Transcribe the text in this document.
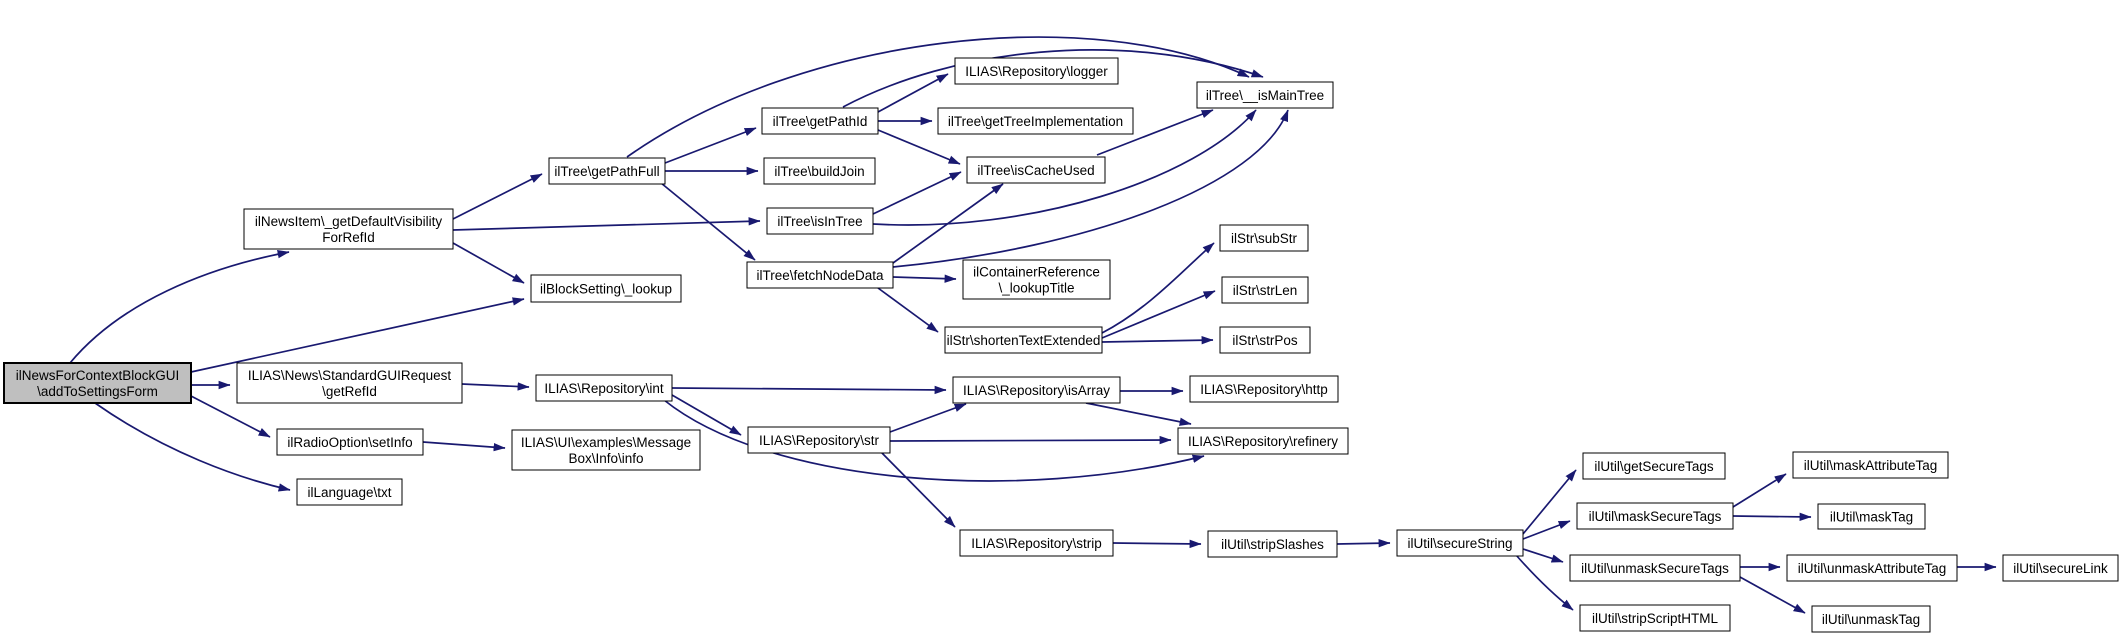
ilNewsForContextBlockGUI
\addToSettingsForm
ilNewsItem\_getDefaultVisibility
ForRefId
ilBlockSetting\_lookup
ILIAS\News\StandardGUIRequest
\getRefId
ilRadioOption\setInfo
ilLanguage\txt
ilTree\getPathFull
ilTree\getPathId
ilTree\buildJoin
ilTree\isInTree
ilTree\fetchNodeData
ILIAS\Repository\logger
ilTree\getTreeImplementation
ilTree\isCacheUsed
ilTree\__isMainTree
ilContainerReference
\_lookupTitle
ilStr\shortenTextExtended
ilStr\subStr
ilStr\strLen
ilStr\strPos
ILIAS\Repository\int
ILIAS\UI\examples\Message
Box\Info\info
ILIAS\Repository\str
ILIAS\Repository\isArray	ILIAS\Repository\http
ILIAS\Repository\refinery
ILIAS\Repository\strip	ilUtil\stripSlashes	ilUtil\secureString
ilUtil\getSecureTags
ilUtil\maskSecureTags
ilUtil\unmaskSecureTags
ilUtil\stripScriptHTML
ilUtil\maskAttributeTag
ilUtil\maskTag
ilUtil\unmaskAttributeTag
ilUtil\unmaskTag
ilUtil\secureLink
